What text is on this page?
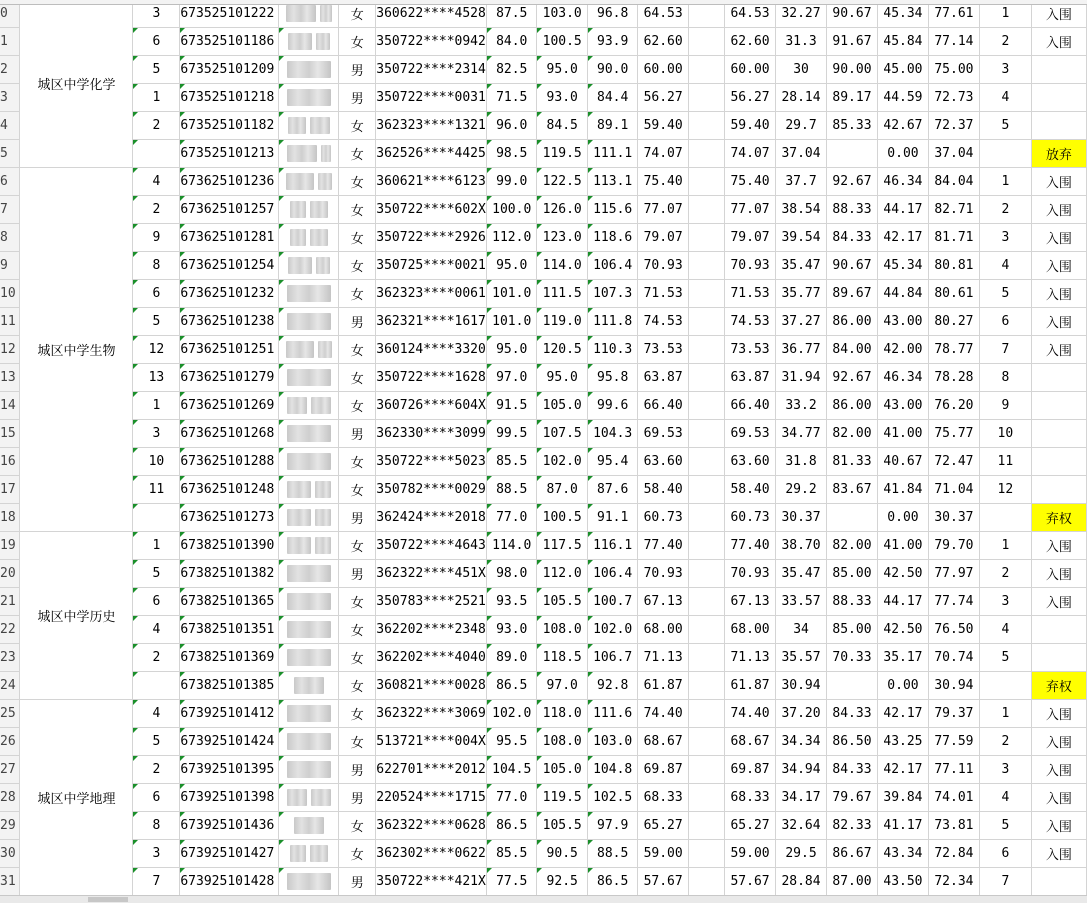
0	城区中学化学	3	673525101222		女	360622****4528	87.5	103.0	96.8	64.53		64.53	32.27	90.67	45.34	77.61	1	入围
1		6	673525101186		女	350722****0942	84.0	100.5	93.9	62.60		62.60	31.3	91.67	45.84	77.14	2	入围
2		5	673525101209		男	350722****2314	82.5	95.0	90.0	60.00		60.00	30	90.00	45.00	75.00	3	
3		1	673525101218		男	350722****0031	71.5	93.0	84.4	56.27		56.27	28.14	89.17	44.59	72.73	4	
4		2	673525101182		女	362323****1321	96.0	84.5	89.1	59.40		59.40	29.7	85.33	42.67	72.37	5	
5			673525101213		女	362526****4425	98.5	119.5	111.1	74.07		74.07	37.04		0.00	37.04		放弃
6	城区中学生物	4	673625101236		女	360621****6123	99.0	122.5	113.1	75.40		75.40	37.7	92.67	46.34	84.04	1	入围
7		2	673625101257		女	350722****602X	100.0	126.0	115.6	77.07		77.07	38.54	88.33	44.17	82.71	2	入围
8		9	673625101281		女	350722****2926	112.0	123.0	118.6	79.07		79.07	39.54	84.33	42.17	81.71	3	入围
9		8	673625101254		女	350725****0021	95.0	114.0	106.4	70.93		70.93	35.47	90.67	45.34	80.81	4	入围
10		6	673625101232		女	362323****0061	101.0	111.5	107.3	71.53		71.53	35.77	89.67	44.84	80.61	5	入围
11		5	673625101238		男	362321****1617	101.0	119.0	111.8	74.53		74.53	37.27	86.00	43.00	80.27	6	入围
12		12	673625101251		女	360124****3320	95.0	120.5	110.3	73.53		73.53	36.77	84.00	42.00	78.77	7	入围
13		13	673625101279		女	350722****1628	97.0	95.0	95.8	63.87		63.87	31.94	92.67	46.34	78.28	8	
14		1	673625101269		女	360726****604X	91.5	105.0	99.6	66.40		66.40	33.2	86.00	43.00	76.20	9	
15		3	673625101268		男	362330****3099	99.5	107.5	104.3	69.53		69.53	34.77	82.00	41.00	75.77	10	
16		10	673625101288		女	350722****5023	85.5	102.0	95.4	63.60		63.60	31.8	81.33	40.67	72.47	11	
17		11	673625101248		女	350782****0029	88.5	87.0	87.6	58.40		58.40	29.2	83.67	41.84	71.04	12	
18			673625101273		男	362424****2018	77.0	100.5	91.1	60.73		60.73	30.37		0.00	30.37		弃权
19	城区中学历史	1	673825101390		女	350722****4643	114.0	117.5	116.1	77.40		77.40	38.70	82.00	41.00	79.70	1	入围
20		5	673825101382		男	362322****451X	98.0	112.0	106.4	70.93		70.93	35.47	85.00	42.50	77.97	2	入围
21		6	673825101365		女	350783****2521	93.5	105.5	100.7	67.13		67.13	33.57	88.33	44.17	77.74	3	入围
22		4	673825101351		女	362202****2348	93.0	108.0	102.0	68.00		68.00	34	85.00	42.50	76.50	4	
23		2	673825101369		女	362202****4040	89.0	118.5	106.7	71.13		71.13	35.57	70.33	35.17	70.74	5	
24			673825101385		女	360821****0028	86.5	97.0	92.8	61.87		61.87	30.94		0.00	30.94		弃权
25	城区中学地理	4	673925101412		女	362322****3069	102.0	118.0	111.6	74.40		74.40	37.20	84.33	42.17	79.37	1	入围
26		5	673925101424		女	513721****004X	95.5	108.0	103.0	68.67		68.67	34.34	86.50	43.25	77.59	2	入围
27		2	673925101395		男	622701****2012	104.5	105.0	104.8	69.87		69.87	34.94	84.33	42.17	77.11	3	入围
28		6	673925101398		男	220524****1715	77.0	119.5	102.5	68.33		68.33	34.17	79.67	39.84	74.01	4	入围
29		8	673925101436		女	362322****0628	86.5	105.5	97.9	65.27		65.27	32.64	82.33	41.17	73.81	5	入围
30		3	673925101427		女	362302****0622	85.5	90.5	88.5	59.00		59.00	29.5	86.67	43.34	72.84	6	入围
31		7	673925101428		男	350722****421X	77.5	92.5	86.5	57.67		57.67	28.84	87.00	43.50	72.34	7	
